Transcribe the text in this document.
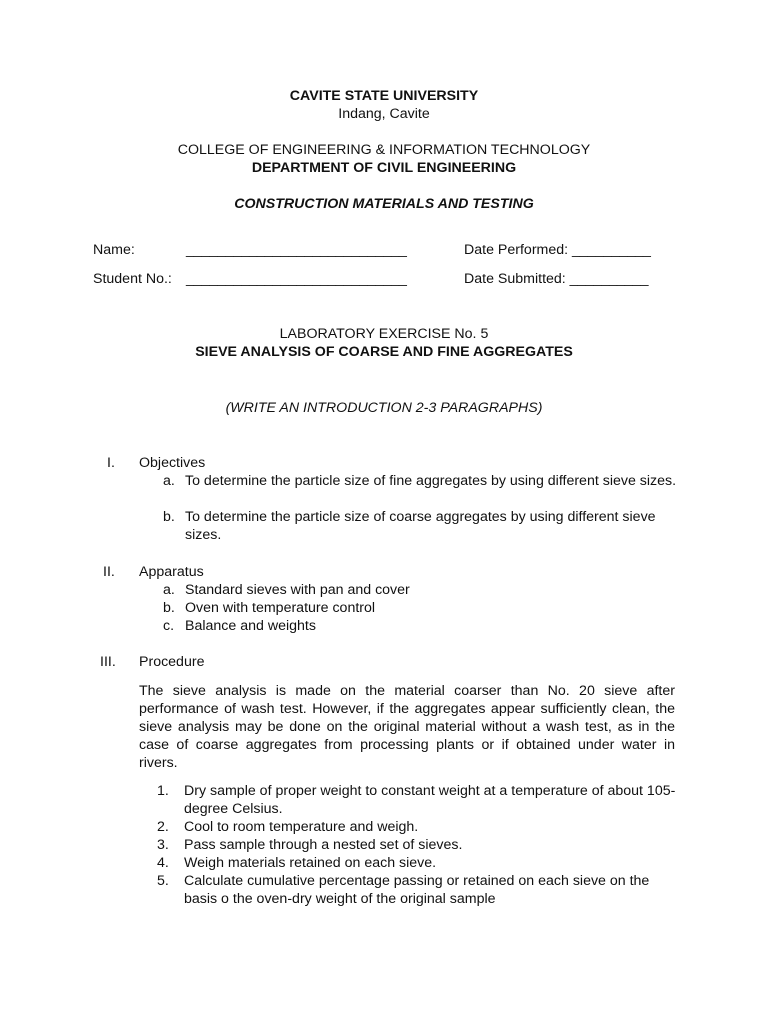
CAVITE STATE UNIVERSITY
Indang, Cavite
COLLEGE OF ENGINEERING & INFORMATION TECHNOLOGY
DEPARTMENT OF CIVIL ENGINEERING
CONSTRUCTION MATERIALS AND TESTING
Name:	____________________________	Date Performed: __________
Student No.: ____________________________	Date Submitted: __________
LABORATORY EXERCISE No. 5
SIEVE ANALYSIS OF COARSE AND FINE AGGREGATES
(WRITE AN INTRODUCTION 2-3 PARAGRAPHS)
I. Objectives
a. To determine the particle size of fine aggregates by using different sieve sizes.
b. To determine the particle size of coarse aggregates by using different sieve sizes.
II. Apparatus
a. Standard sieves with pan and cover
b. Oven with temperature control
c. Balance and weights
III. Procedure
The sieve analysis is made on the material coarser than No. 20 sieve after performance of wash test. However, if the aggregates appear sufficiently clean, the sieve analysis may be done on the original material without a wash test, as in the case of coarse aggregates from processing plants or if obtained under water in rivers.
1. Dry sample of proper weight to constant weight at a temperature of about 105-degree Celsius.
2. Cool to room temperature and weigh.
3. Pass sample through a nested set of sieves.
4. Weigh materials retained on each sieve.
5. Calculate cumulative percentage passing or retained on each sieve on the basis o the oven-dry weight of the original sample
